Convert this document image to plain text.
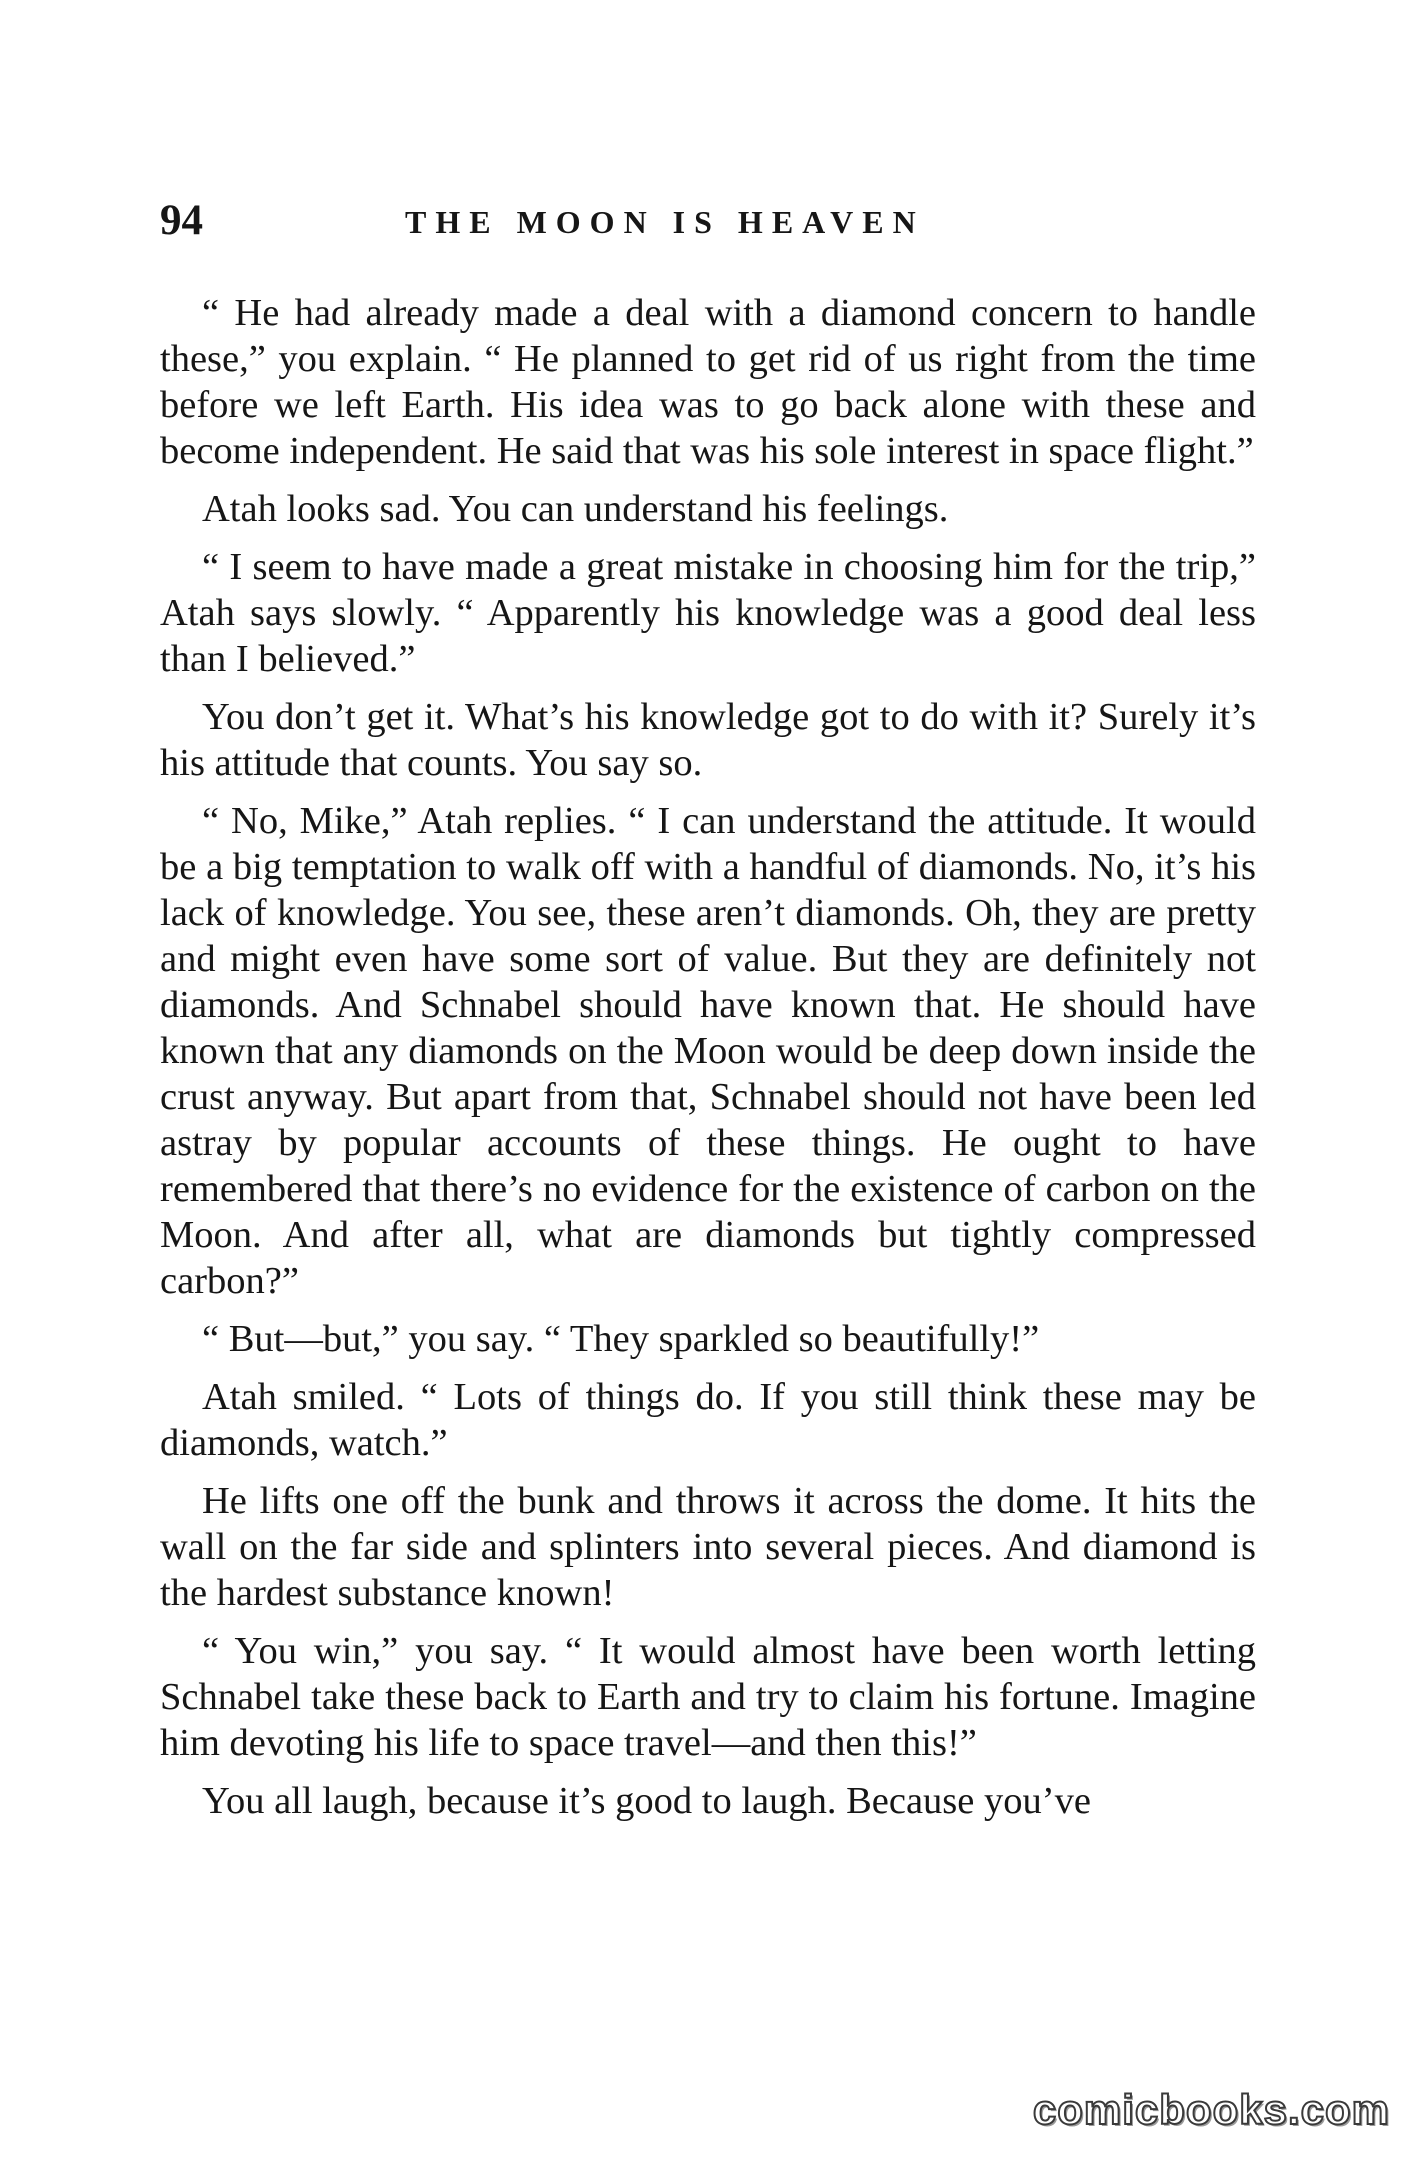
94	THE MOON IS HEAVEN

“ He had already made a deal with a diamond concern to handle these,” you explain. “ He planned to get rid of us right from the time before we left Earth. His idea was to go back alone with these and become independent. He said that was his sole interest in space flight.”

Atah looks sad. You can understand his feelings.

“ I seem to have made a great mistake in choosing him for the trip,” Atah says slowly. “ Apparently his knowledge was a good deal less than I believed.”

You don’t get it. What’s his knowledge got to do with it? Surely it’s his attitude that counts. You say so.

“ No, Mike,” Atah replies. “ I can understand the attitude. It would be a big temptation to walk off with a handful of diamonds. No, it’s his lack of knowledge. You see, these aren’t diamonds. Oh, they are pretty and might even have some sort of value. But they are definitely not diamonds. And Schnabel should have known that. He should have known that any diamonds on the Moon would be deep down inside the crust anyway. But apart from that, Schnabel should not have been led astray by popular accounts of these things. He ought to have remembered that there’s no evidence for the existence of carbon on the Moon. And after all, what are diamonds but tightly compressed carbon?”

“ But—but,” you say. “ They sparkled so beautifully!”

Atah smiled. “ Lots of things do. If you still think these may be diamonds, watch.”

He lifts one off the bunk and throws it across the dome. It hits the wall on the far side and splinters into several pieces. And diamond is the hardest substance known!

“ You win,” you say. “ It would almost have been worth letting Schnabel take these back to Earth and try to claim his fortune. Imagine him devoting his life to space travel—and then this!”

You all laugh, because it’s good to laugh. Because you’ve

comicbooks.com
